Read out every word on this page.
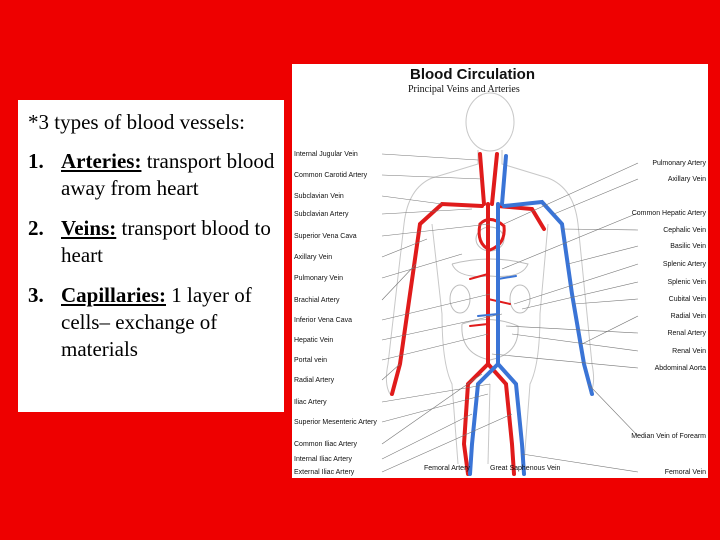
*3 types of blood vessels:
1. Arteries: transport blood away from heart
2. Veins: transport blood to heart
3. Capillaries: 1 layer of cells– exchange of materials
Blood Circulation
Principal Veins and Arteries
Internal Jugular Vein
Common Carotid Artery
Subclavian Vein
Subclavian Artery
Superior Vena Cava
Axillary Vein
Pulmonary Vein
Brachial Artery
Inferior Vena Cava
Hepatic Vein
Portal vein
Radial Artery
Iliac Artery
Superior Mesenteric Artery
Common Iliac Artery
Internal Iliac Artery
External Iliac Artery
Pulmonary Artery
Axillary Vein
Common Hepatic Artery
Cephalic Vein
Basilic Vein
Splenic Artery
Splenic Vein
Cubital Vein
Radial Vein
Renal Artery
Renal Vein
Abdominal Aorta
Median Vein of Forearm
Femoral Vein
Femoral Artery	Great Saphenous Vein
